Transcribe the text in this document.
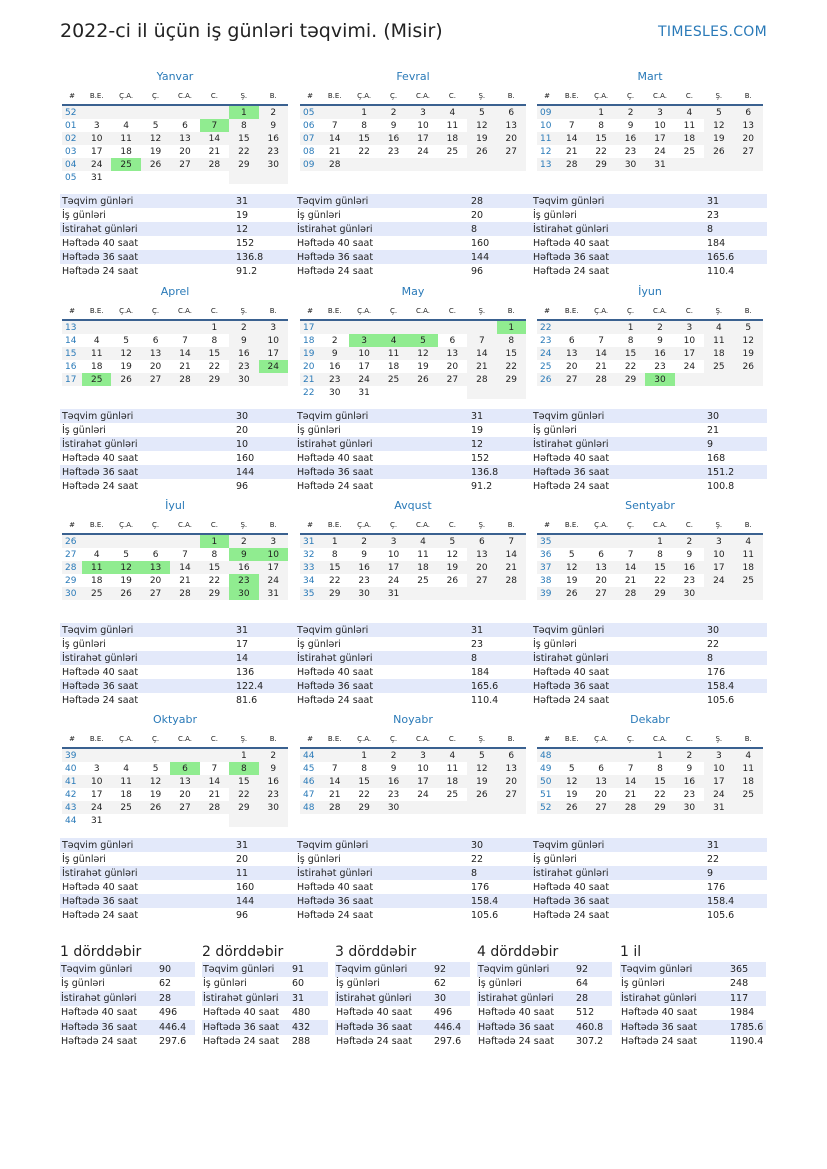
2022-ci il üçün iş günləri təqvimi. (Misir)	TIMESLES.COM
Yanvar
#	B.E.	Ç.A.	Ç.	C.A.	C.	Ş.	B.
52						1	2
01	3	4	5	6	7	8	9
02	10	11	12	13	14	15	16
03	17	18	19	20	21	22	23
04	24	25	26	27	28	29	30
05	31						
Təqvim günləri	31
İş günləri	19
İstirahət günləri	12
Həftədə 40 saat	152
Həftədə 36 saat	136.8
Həftədə 24 saat	91.2
Fevral
#	B.E.	Ç.A.	Ç.	C.A.	C.	Ş.	B.
05		1	2	3	4	5	6
06	7	8	9	10	11	12	13
07	14	15	16	17	18	19	20
08	21	22	23	24	25	26	27
09	28						
Təqvim günləri	28
İş günləri	20
İstirahət günləri	8
Həftədə 40 saat	160
Həftədə 36 saat	144
Həftədə 24 saat	96
Mart
#	B.E.	Ç.A.	Ç.	C.A.	C.	Ş.	B.
09		1	2	3	4	5	6
10	7	8	9	10	11	12	13
11	14	15	16	17	18	19	20
12	21	22	23	24	25	26	27
13	28	29	30	31			
Təqvim günləri	31
İş günləri	23
İstirahət günləri	8
Həftədə 40 saat	184
Həftədə 36 saat	165.6
Həftədə 24 saat	110.4
Aprel
#	B.E.	Ç.A.	Ç.	C.A.	C.	Ş.	B.
13					1	2	3
14	4	5	6	7	8	9	10
15	11	12	13	14	15	16	17
16	18	19	20	21	22	23	24
17	25	26	27	28	29	30	
Təqvim günləri	30
İş günləri	20
İstirahət günləri	10
Həftədə 40 saat	160
Həftədə 36 saat	144
Həftədə 24 saat	96
May
#	B.E.	Ç.A.	Ç.	C.A.	C.	Ş.	B.
17							1
18	2	3	4	5	6	7	8
19	9	10	11	12	13	14	15
20	16	17	18	19	20	21	22
21	23	24	25	26	27	28	29
22	30	31					
Təqvim günləri	31
İş günləri	19
İstirahət günləri	12
Həftədə 40 saat	152
Həftədə 36 saat	136.8
Həftədə 24 saat	91.2
İyun
#	B.E.	Ç.A.	Ç.	C.A.	C.	Ş.	B.
22			1	2	3	4	5
23	6	7	8	9	10	11	12
24	13	14	15	16	17	18	19
25	20	21	22	23	24	25	26
26	27	28	29	30			
Təqvim günləri	30
İş günləri	21
İstirahət günləri	9
Həftədə 40 saat	168
Həftədə 36 saat	151.2
Həftədə 24 saat	100.8
İyul
#	B.E.	Ç.A.	Ç.	C.A.	C.	Ş.	B.
26					1	2	3
27	4	5	6	7	8	9	10
28	11	12	13	14	15	16	17
29	18	19	20	21	22	23	24
30	25	26	27	28	29	30	31
Təqvim günləri	31
İş günləri	17
İstirahət günləri	14
Həftədə 40 saat	136
Həftədə 36 saat	122.4
Həftədə 24 saat	81.6
Avqust
#	B.E.	Ç.A.	Ç.	C.A.	C.	Ş.	B.
31	1	2	3	4	5	6	7
32	8	9	10	11	12	13	14
33	15	16	17	18	19	20	21
34	22	23	24	25	26	27	28
35	29	30	31				
Təqvim günləri	31
İş günləri	23
İstirahət günləri	8
Həftədə 40 saat	184
Həftədə 36 saat	165.6
Həftədə 24 saat	110.4
Sentyabr
#	B.E.	Ç.A.	Ç.	C.A.	C.	Ş.	B.
35				1	2	3	4
36	5	6	7	8	9	10	11
37	12	13	14	15	16	17	18
38	19	20	21	22	23	24	25
39	26	27	28	29	30		
Təqvim günləri	30
İş günləri	22
İstirahət günləri	8
Həftədə 40 saat	176
Həftədə 36 saat	158.4
Həftədə 24 saat	105.6
Oktyabr
#	B.E.	Ç.A.	Ç.	C.A.	C.	Ş.	B.
39						1	2
40	3	4	5	6	7	8	9
41	10	11	12	13	14	15	16
42	17	18	19	20	21	22	23
43	24	25	26	27	28	29	30
44	31						
Təqvim günləri	31
İş günləri	20
İstirahət günləri	11
Həftədə 40 saat	160
Həftədə 36 saat	144
Həftədə 24 saat	96
Noyabr
#	B.E.	Ç.A.	Ç.	C.A.	C.	Ş.	B.
44		1	2	3	4	5	6
45	7	8	9	10	11	12	13
46	14	15	16	17	18	19	20
47	21	22	23	24	25	26	27
48	28	29	30				
Təqvim günləri	30
İş günləri	22
İstirahət günləri	8
Həftədə 40 saat	176
Həftədə 36 saat	158.4
Həftədə 24 saat	105.6
Dekabr
#	B.E.	Ç.A.	Ç.	C.A.	C.	Ş.	B.
48				1	2	3	4
49	5	6	7	8	9	10	11
50	12	13	14	15	16	17	18
51	19	20	21	22	23	24	25
52	26	27	28	29	30	31	
Təqvim günləri	31
İş günləri	22
İstirahət günləri	9
Həftədə 40 saat	176
Həftədə 36 saat	158.4
Həftədə 24 saat	105.6
1 dörddəbir
Təqvim günləri	90
İş günləri	62
İstirahət günləri	28
Həftədə 40 saat	496
Həftədə 36 saat	446.4
Həftədə 24 saat	297.6
2 dörddəbir
Təqvim günləri	91
İş günləri	60
İstirahət günləri	31
Həftədə 40 saat	480
Həftədə 36 saat	432
Həftədə 24 saat	288
3 dörddəbir
Təqvim günləri	92
İş günləri	62
İstirahət günləri	30
Həftədə 40 saat	496
Həftədə 36 saat	446.4
Həftədə 24 saat	297.6
4 dörddəbir
Təqvim günləri	92
İş günləri	64
İstirahət günləri	28
Həftədə 40 saat	512
Həftədə 36 saat	460.8
Həftədə 24 saat	307.2
1 il
Təqvim günləri	365
İş günləri	248
İstirahət günləri	117
Həftədə 40 saat	1984
Həftədə 36 saat	1785.6
Həftədə 24 saat	1190.4
